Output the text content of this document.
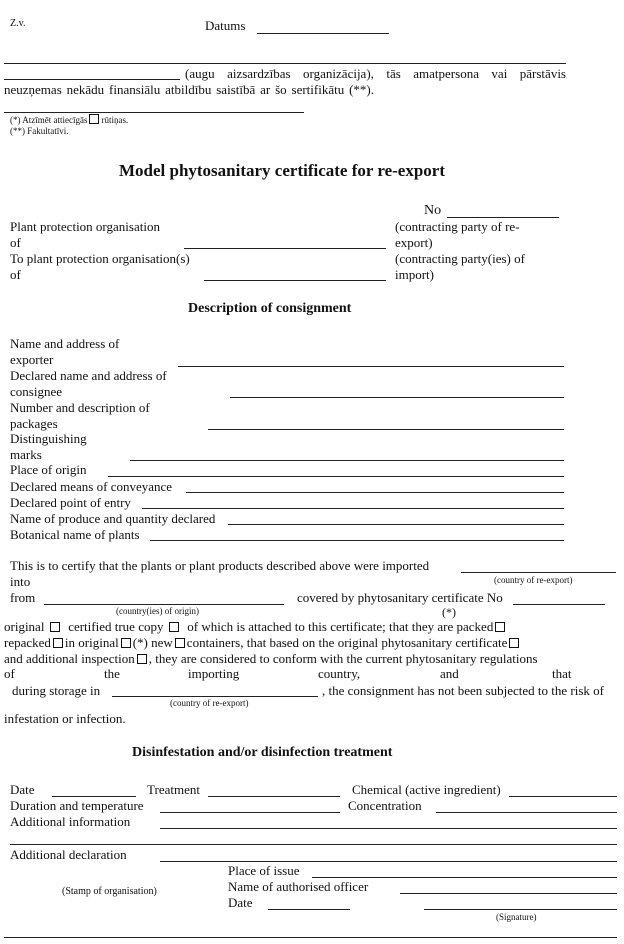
Z.v.	Datums
(augu aizsardzības organizācija), tās amatpersona vai pārstāvis
neuzņemas nekādu finansiālu atbildību saistībā ar šo sertifikātu (**).
(*) Atzīmēt attiecīgās rūtiņas.
(**) Fakultatīvi.
Model phytosanitary certificate for re-export
No
Plant protection organisation
of
(contracting party of re-
export)
To plant protection organisation(s)
of
(contracting party(ies) of
import)
Description of consignment
Name and address of
exporter
Declared name and address of
consignee
Number and description of
packages
Distinguishing
marks
Place of origin
Declared means of conveyance
Declared point of entry
Name of produce and quantity declared
Botanical name of plants
This is to certify that the plants or plant products described above were imported
into	(country of re-export)
from	covered by phytosanitary certificate No
(country(ies) of origin)	(*)
original certified true copy of which is attached to this certificate; that they are packed
repacked in original (*) new containers, that based on the original phytosanitary certificate
and additional inspection , they are considered to conform with the current phytosanitary regulations
of	the	importing	country,	and	that
during storage in	, the consignment has not been subjected to the risk of
(country of re-export)
infestation or infection.
Disinfestation and/or disinfection treatment
Date	Treatment	Chemical (active ingredient)
Duration and temperature	Concentration
Additional information
Additional declaration
Place of issue
(Stamp of organisation)	Name of authorised officer
Date
(Signature)
